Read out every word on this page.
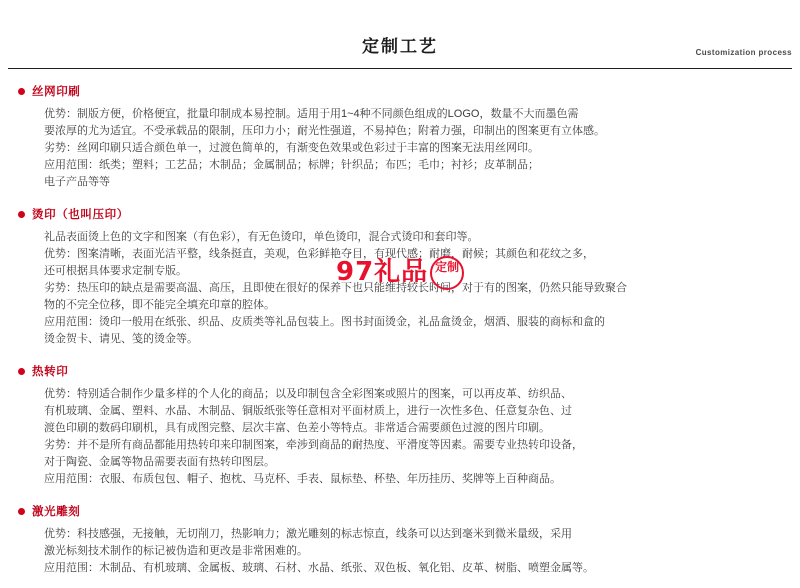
定制工艺	Customization process
丝网印刷
优势： 制版方便，价格便宜，批量印制成本易控制。适用于用1~4种不同颜色组成的LOGO，数量不大而墨色需
要浓厚的尤为适宜。不受承载品的限制，压印力小；耐光性强道，不易掉色；附着力强，印制出的图案更有立体感。
劣势： 丝网印刷只适合颜色单一，过渡色简单的，有渐变色效果或色彩过于丰富的图案无法用丝网印。
应用范围： 纸类；塑料；工艺品；木制品；金属制品；标牌；针织品；布匹；毛巾；衬衫；皮革制品；
电子产品等等
烫印（也叫压印）
礼品表面烫上色的文字和图案（有色彩），有无色烫印，单色烫印，混合式烫印和套印等。
优势： 图案清晰，表面光洁平整，线条挺直，美观，色彩鲜艳夺目，有现代感；耐磨，耐候；其颜色和花纹之多，
还可根据具体要求定制专版。
劣势： 热压印的缺点是需要高温、高压，且即使在很好的保养下也只能维持较长时间，对于有的图案，仍然只能导致聚合
物的不完全位移，即不能完全填充印章的腔体。
应用范围： 烫印一般用在纸张、织品、皮质类等礼品包装上。图书封面烫金，礼品盒烫金，烟酒、服装的商标和盒的
烫金贺卡、请见、笺的烫金等。
热转印
优势： 特别适合制作少量多样的个人化的商品；以及印制包含全彩图案或照片的图案，可以再皮革、纺织品、
有机玻璃、金属、塑料、水晶、木制品、铜版纸张等任意相对平面材质上，进行一次性多色、任意复杂色、过
渡色印刷的数码印刷机，具有成图完整、层次丰富、色差小等特点。非常适合需要颜色过渡的图片印刷。
劣势： 并不是所有商品都能用热转印来印制图案，牵涉到商品的耐热度、平滑度等因素。需要专业热转印设备，
对于陶瓷、金属等物品需要表面有热转印图层。
应用范围： 衣服、布质包包、帽子、抱枕、马克杯、手表、鼠标垫、杯垫、年历挂历、奖牌等上百种商品。
激光雕刻
优势： 科技感强，无接触，无切削刀，热影响力；激光雕刻的标志惊直，线条可以达到毫米到微米量级，采用
激光标刻技术制作的标记被伪造和更改是非常困难的。
应用范围： 木制品、有机玻璃、金属板、玻璃、石材、水晶、纸张、双色板、氧化铝、皮革、树脂、喷塑金属等。
97礼品 定制
